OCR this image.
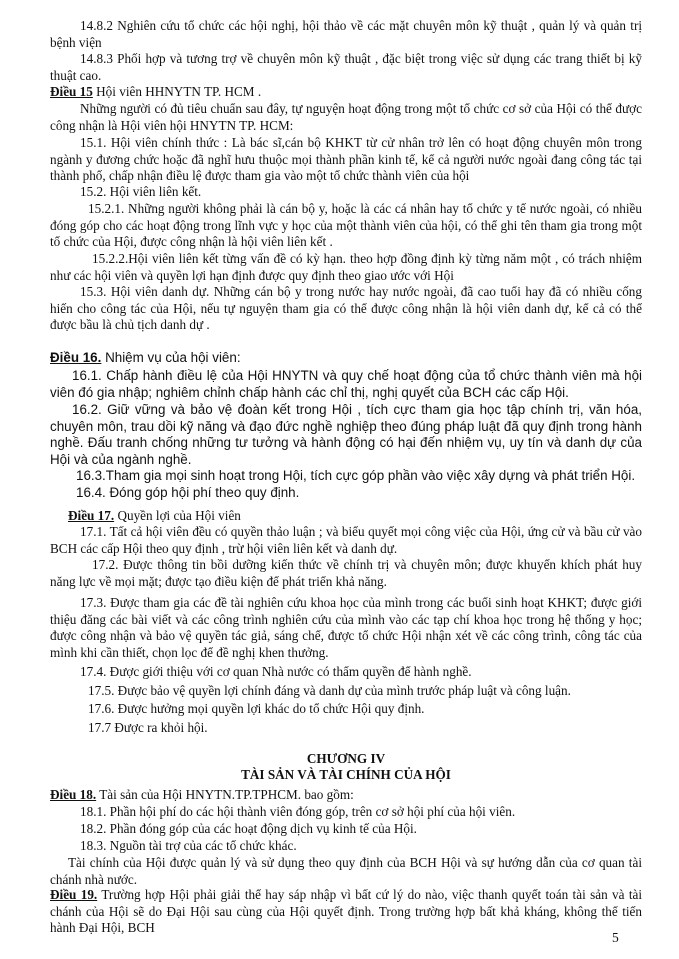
14.8.2 Nghiên cứu tổ chức các hội nghị, hội thảo về các mặt chuyên môn kỹ thuật , quản lý và quản trị bệnh viện

14.8.3 Phối hợp và tương trợ về chuyên môn kỹ thuật , đặc biệt trong việc sử dụng các trang thiết bị kỹ thuật cao.

Điều 15 Hội viên HHNYTN TP. HCM .

Những người có đủ tiêu chuẩn sau đây, tự nguyện hoạt động trong một tổ chức cơ sở của Hội có thể được công nhận là Hội viên hội HNYTN TP. HCM:

15.1. Hội viên chính thức : Là bác sĩ,cán bộ KHKT từ cử nhân trở lên có hoạt động chuyên môn trong ngành y đương chức hoặc đã nghĩ hưu thuộc mọi thành phần kinh tế, kể cả người nước ngoài đang công tác tại thành phố, chấp nhận điều lệ được tham gia vào một tổ chức thành viên của hội

15.2. Hội viên liên kết.

15.2.1. Những người không phải là cán bộ y, hoặc là các cá nhân hay tổ chức y tế nước ngoài, có nhiều đóng góp cho các hoạt động trong lĩnh vực y học của một thành viên của hội, có thể ghi tên tham gia trong một tổ chức của Hội, được công nhận là hội viên liên kết .

15.2.2.Hội viên liên kết từng vấn đề có kỳ hạn. theo hợp đồng định kỳ từng năm một , có trách nhiệm như các hội viên và quyền lợi hạn định được quy định theo giao ước với Hội

15.3. Hội viên danh dự. Những cán bộ y trong nước hay nước ngoài, đã cao tuổi hay đã có nhiều cống hiến cho công tác của Hội, nếu tự nguyện tham gia có thể được công nhận là hội viên danh dự, kể cả có thể được bầu là chủ tịch danh dự .

Điều 16. Nhiệm vụ của hội viên:

16.1. Chấp hành điều lệ của Hội HNYTN và quy chế hoạt động của tổ chức thành viên mà hội viên đó gia nhập; nghiêm chỉnh chấp hành các chỉ thị, nghị quyết của BCH các cấp Hội.

16.2. Giữ vững và bảo vệ đoàn kết trong Hội , tích cực tham gia học tập chính trị, văn hóa, chuyên môn, trau dồi kỹ năng và đạo đức nghề nghiệp theo đúng pháp luật đã quy định trong hành nghề. Đấu tranh chống những tư tưởng và hành động có hại đến nhiệm vụ, uy tín và danh dự của Hội và của ngành nghề.

16.3.Tham gia mọi sinh hoạt trong Hội, tích cực góp phần vào việc xây dựng và phát triển Hội.

16.4. Đóng góp hội phí theo quy định.

Điều 17. Quyền lợi của Hội viên

17.1. Tất cả hội viên đều có quyền thảo luận ; và biểu quyết mọi công việc của Hội, ứng cử và bầu cử vào BCH các cấp Hội theo quy định , trừ hội viên liên kết và danh dự.

17.2. Được thông tin bồi dưỡng kiến thức về chính trị và chuyên môn; được khuyến khích phát huy năng lực về mọi mặt; được tạo điều kiện để phát triển khả năng.

17.3. Được tham gia các đề tài nghiên cứu khoa học của mình trong các buổi sinh hoạt KHKT; được giới thiệu đăng các bài viết và các công trình nghiên cứu của mình vào các tạp chí khoa học trong hệ thống y học; được công nhận và bảo vệ quyền tác giả, sáng chế, được tổ chức Hội nhận xét về các công trình, công tác của mình khi cần thiết, chọn lọc để đề nghị khen thưởng.

17.4. Được giới thiệu với cơ quan Nhà nước có thẩm quyền để hành nghề.

17.5. Được bảo vệ quyền lợi chính đáng và danh dự của mình trước pháp luật và công luận.

17.6. Được hưởng mọi quyền lợi khác do tổ chức Hội quy định.

17.7 Được ra khỏi hội.

CHƯƠNG IV

TÀI SẢN VÀ TÀI CHÍNH CỦA HỘI

Điều 18. Tài sản của Hội HNYTN.TP.TPHCM. bao gồm:

18.1. Phần hội phí do các hội thành viên đóng góp, trên cơ sở hội phí của hội viên.

18.2. Phần đóng góp của các hoạt động dịch vụ kinh tế của Hội.

18.3. Nguồn tài trợ của các tổ chức khác.

Tài chính của Hội được quản lý và sử dụng theo quy định của BCH Hội và sự hướng dẫn của cơ quan tài chánh nhà nước.

Điều 19. Trường hợp Hội phải giải thể hay sáp nhập vì bất cứ lý do nào, việc thanh quyết toán tài sản và tài chánh của Hội sẽ do Đại Hội sau cùng của Hội quyết định. Trong trường hợp bất khả kháng, không thể tiến hành Đại Hội, BCH

5
